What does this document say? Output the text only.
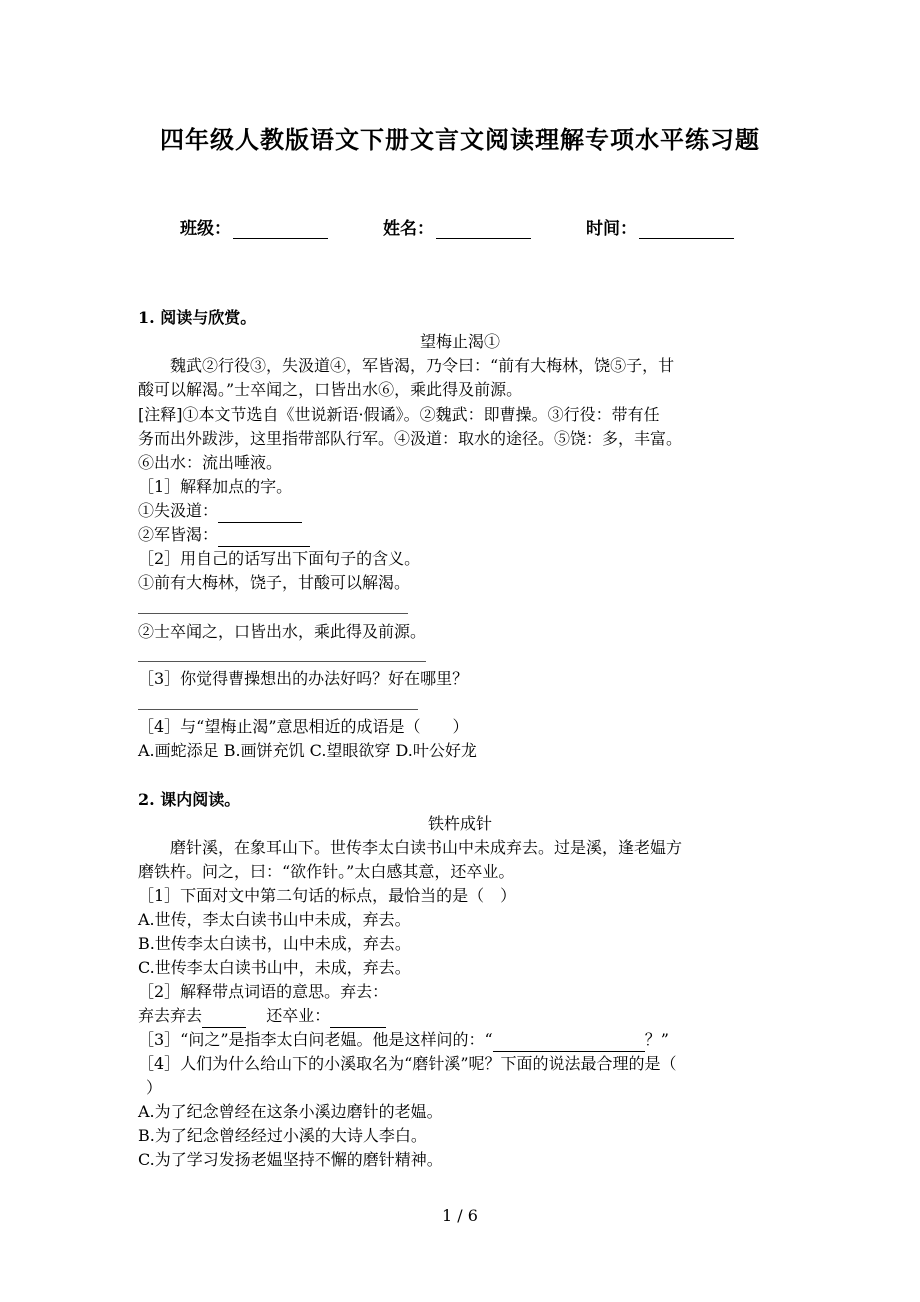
四年级人教版语文下册文言文阅读理解专项水平练习题
班级：	姓名：	时间：
1. 阅读与欣赏。
望梅止渴①
魏武②行役③，失汲道④，军皆渴，乃令曰：“前有大梅林，饶⑤子，甘
酸可以解渴。”士卒闻之，口皆出水⑥，乘此得及前源。
[注释]①本文节选自《世说新语·假谲》。②魏武：即曹操。③行役：带有任
务而出外跋涉，这里指带部队行军。④汲道：取水的途径。⑤饶：多，丰富。
⑥出水：流出唾液。
［1］解释加点的字。
①失汲道：
②军皆渴：
［2］用自己的话写出下面句子的含义。
①前有大梅林，饶子，甘酸可以解渴。
②士卒闻之，口皆出水，乘此得及前源。
［3］你觉得曹操想出的办法好吗？好在哪里？
［4］与“望梅止渴”意思相近的成语是（　　）
A.画蛇添足 B.画饼充饥 C.望眼欲穿 D.叶公好龙
2. 课内阅读。
铁杵成针
磨针溪，在象耳山下。世传李太白读书山中未成弃去。过是溪，逢老媪方
磨铁杵。问之，曰：“欲作针。”太白感其意，还卒业。
［1］下面对文中第二句话的标点，最恰当的是（　）
A.世传，李太白读书山中未成，弃去。
B.世传李太白读书，山中未成，弃去。
C.世传李太白读书山中，未成，弃去。
［2］解释带点词语的意思。弃去：
弃去弃去	还卒业：
［3］“问之”是指李太白问老媪。他是这样问的：“	？”
［4］人们为什么给山下的小溪取名为“磨针溪”呢？下面的说法最合理的是（
）
A.为了纪念曾经在这条小溪边磨针的老媪。
B.为了纪念曾经经过小溪的大诗人李白。
C.为了学习发扬老媪坚持不懈的磨针精神。
1 / 6
